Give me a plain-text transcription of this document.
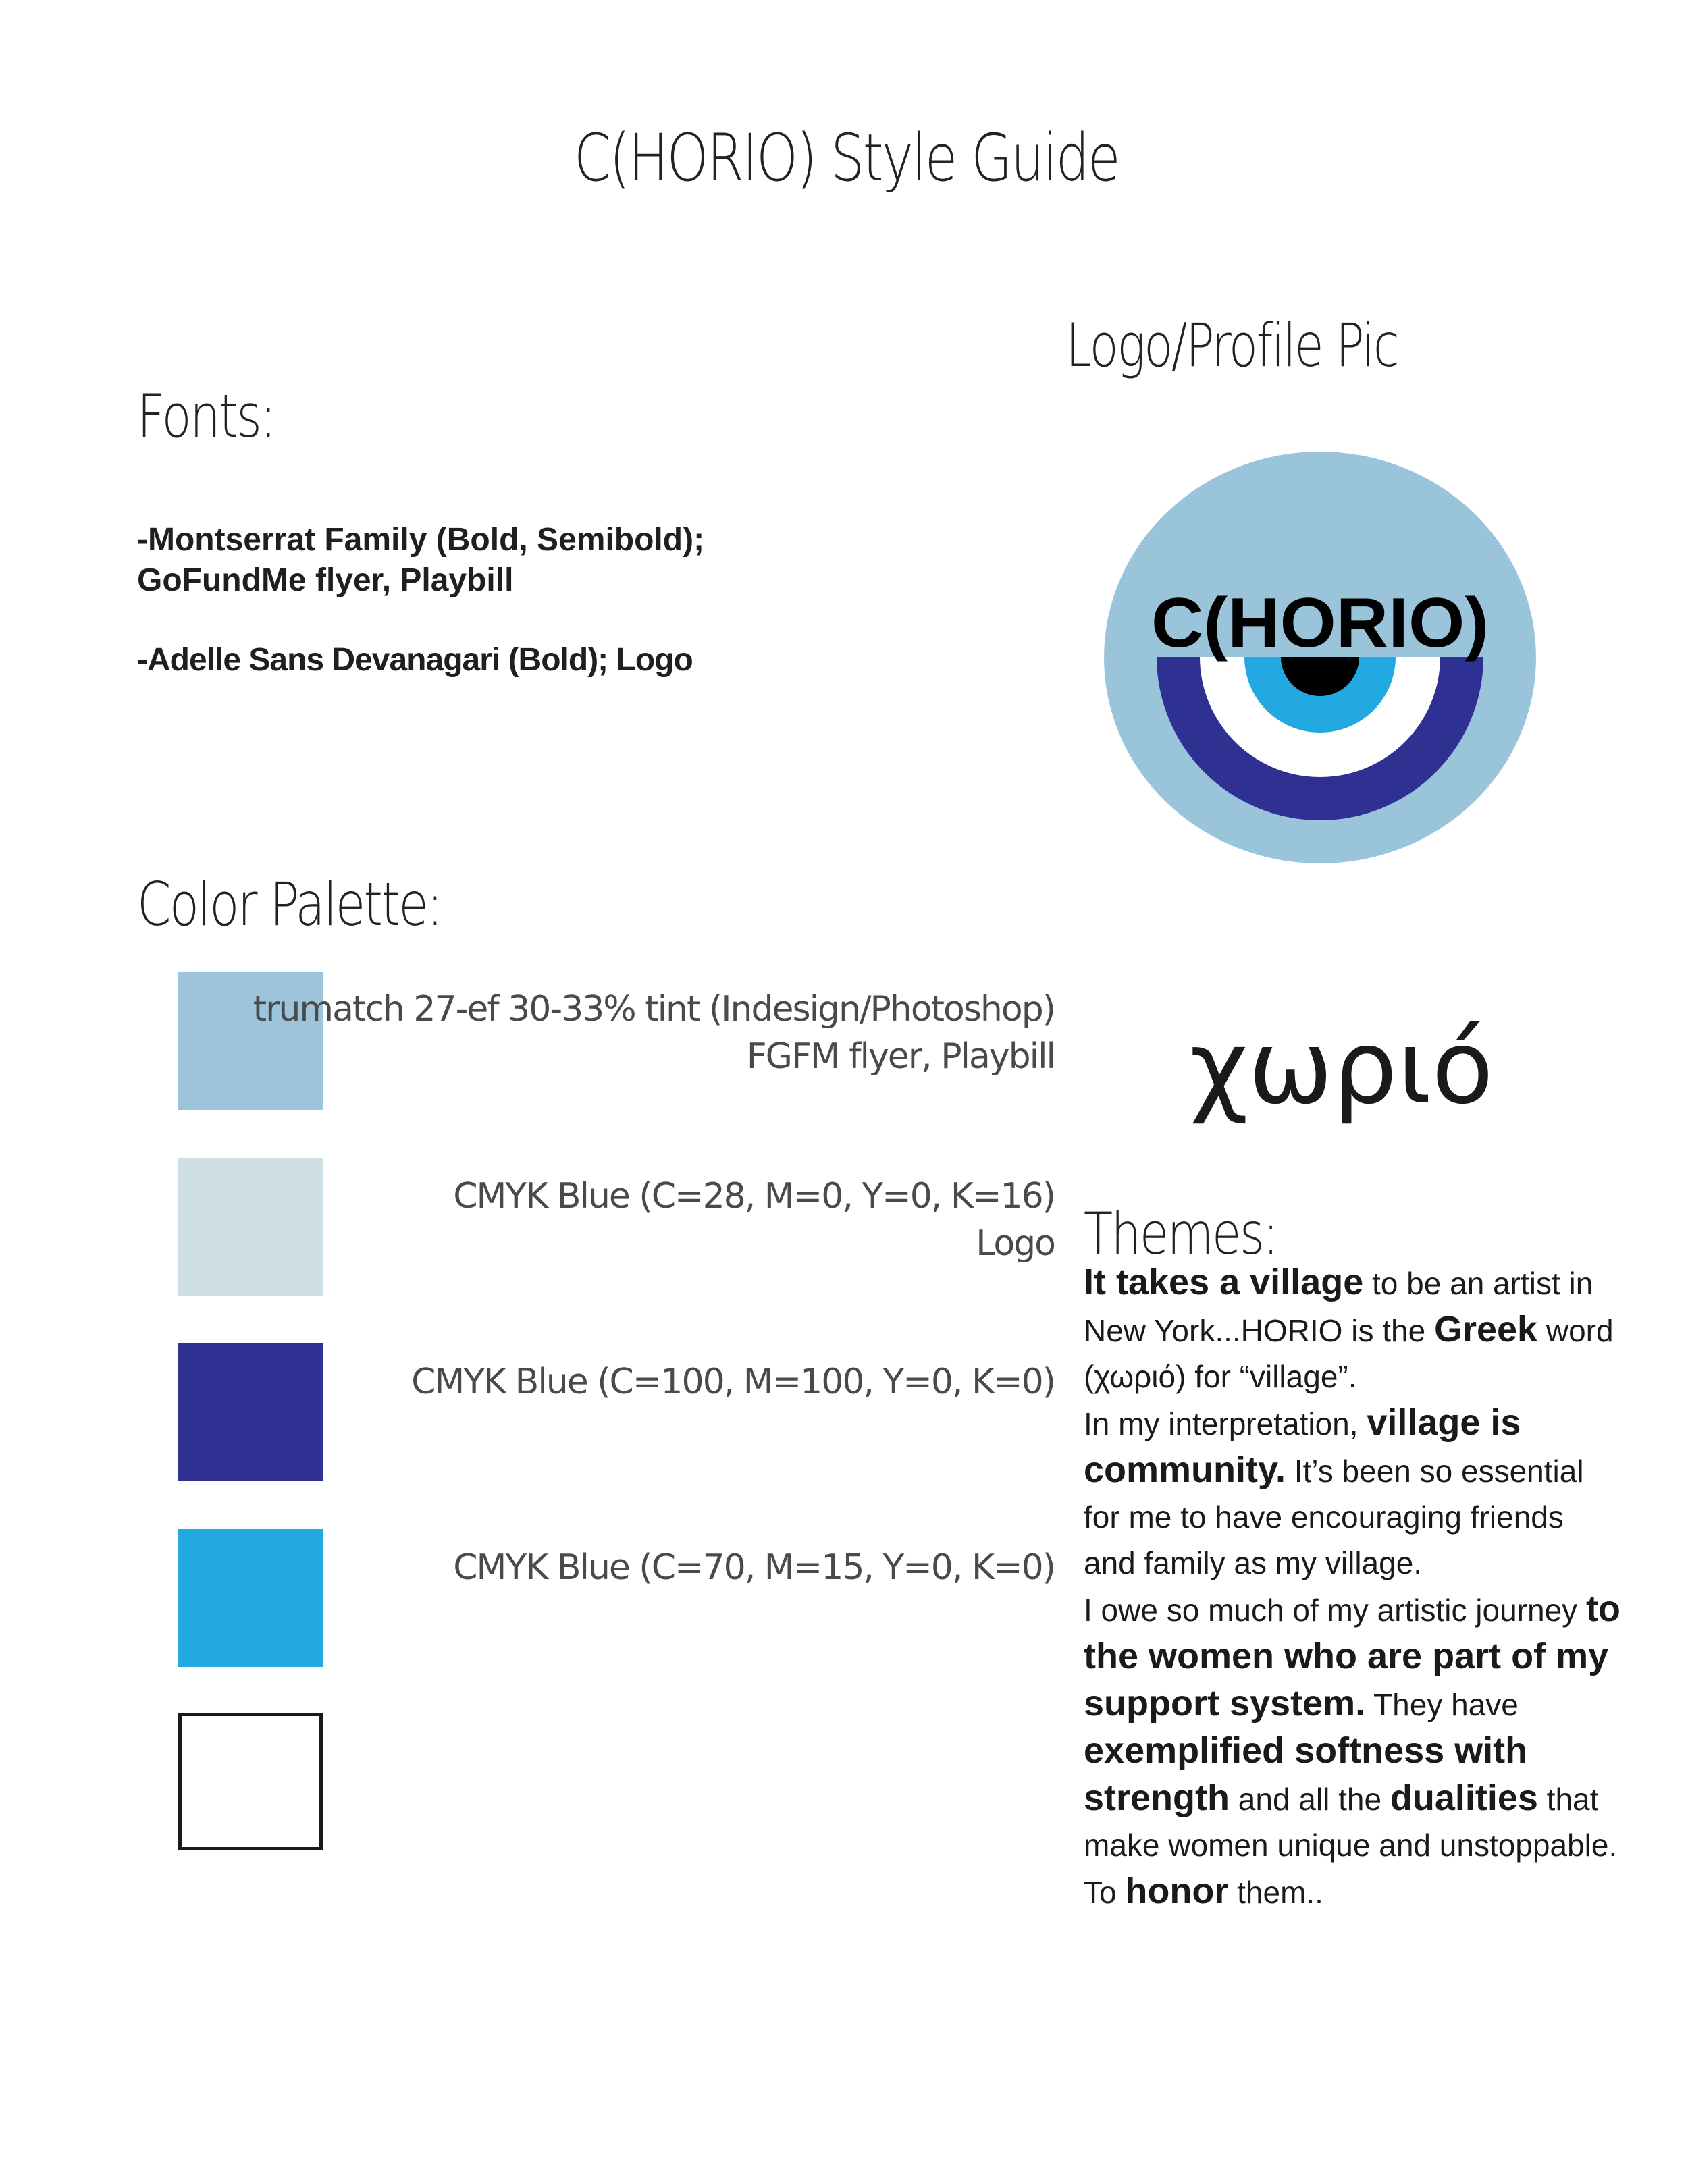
C(HORIO) Style Guide
Logo/Profile Pic
C(HORIO)
Fonts:
-Montserrat Family (Bold, Semibold);
GoFundMe flyer, Playbill
-Adelle Sans Devanagari (Bold); Logo
Color Palette:
trumatch 27-ef 30-33% tint (Indesign/Photoshop)
FGFM flyer, Playbill
CMYK Blue (C=28, M=0, Y=0, K=16)
Logo
CMYK Blue (C=100, M=100, Y=0, K=0)
CMYK Blue (C=70, M=15, Y=0, K=0)
χωριό
Themes:

It takes a village to be an artist in New York...HORIO is the Greek word (χωριό) for “village”.

In my interpretation, village is community. It’s been so essential for me to have encouraging friends and family as my village.

I owe so much of my artistic journey to the women who are part of my support system. They have exemplified softness with strength and all the dualities that make women unique and unstoppable. To honor them..
